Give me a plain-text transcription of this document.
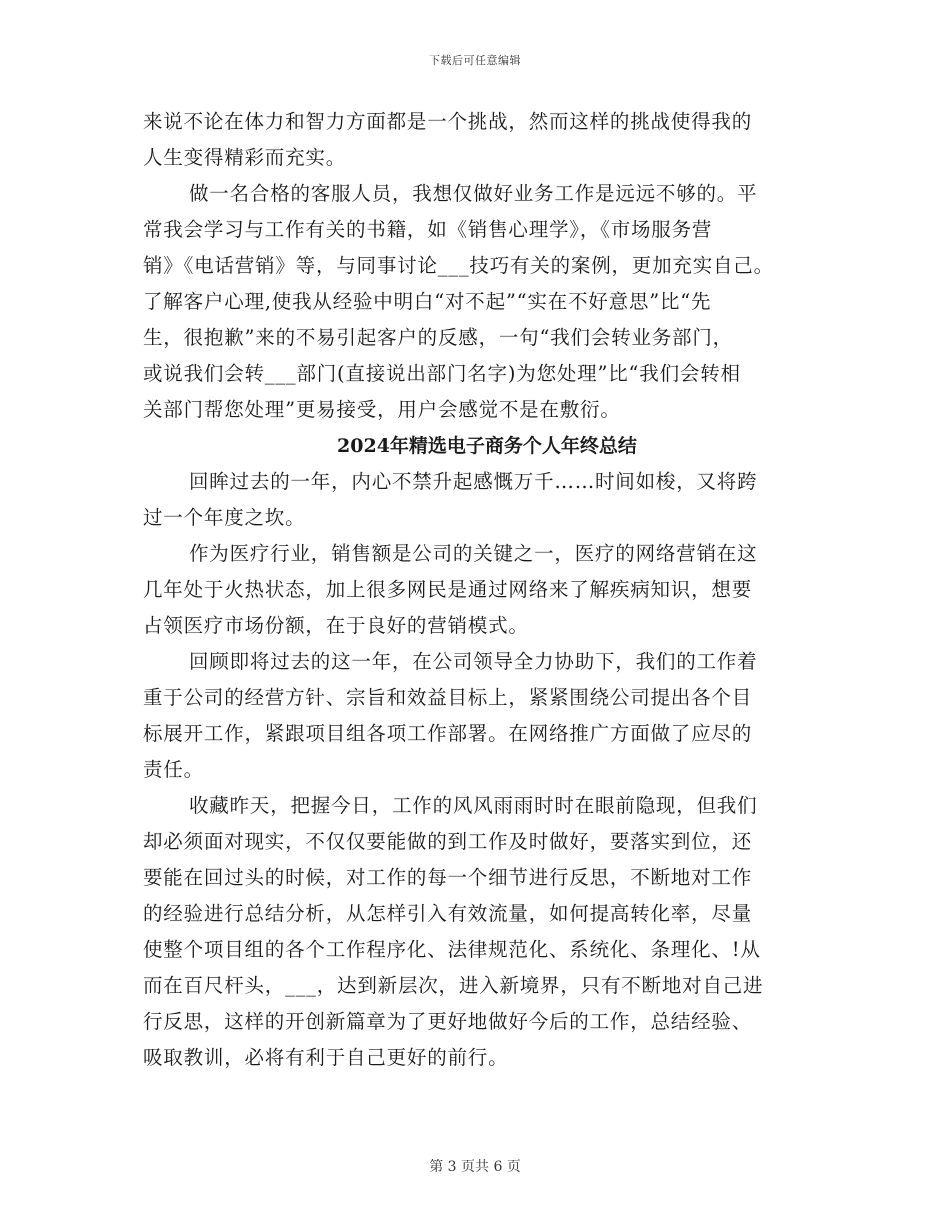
下载后可任意编辑
来说不论在体力和智力方面都是一个挑战，然而这样的挑战使得我的
人生变得精彩而充实。
做一名合格的客服人员，我想仅做好业务工作是远远不够的。平
常我会学习与工作有关的书籍，如《销售心理学》，《市场服务营
销》《电话营销》等，与同事讨论___技巧有关的案例，更加充实自己。
了解客户心理,使我从经验中明白“对不起”“实在不好意思”比“先
生，很抱歉”来的不易引起客户的反感，一句“我们会转业务部门，
或说我们会转___部门(直接说出部门名字)为您处理”比“我们会转相
关部门帮您处理”更易接受，用户会感觉不是在敷衍。
2024年精选电子商务个人年终总结
回眸过去的一年，内心不禁升起感慨万千……时间如梭，又将跨
过一个年度之坎。
作为医疗行业，销售额是公司的关键之一，医疗的网络营销在这
几年处于火热状态，加上很多网民是通过网络来了解疾病知识，想要
占领医疗市场份额，在于良好的营销模式。
回顾即将过去的这一年，在公司领导全力协助下，我们的工作着
重于公司的经营方针、宗旨和效益目标上，紧紧围绕公司提出各个目
标展开工作，紧跟项目组各项工作部署。在网络推广方面做了应尽的
责任。
收藏昨天，把握今日，工作的风风雨雨时时在眼前隐现，但我们
却必须面对现实，不仅仅要能做的到工作及时做好，要落实到位，还
要能在回过头的时候，对工作的每一个细节进行反思，不断地对工作
的经验进行总结分析，从怎样引入有效流量，如何提高转化率，尽量
使整个项目组的各个工作程序化、法律规范化、系统化、条理化、!从
而在百尺杆头，___，达到新层次，进入新境界，只有不断地对自己进
行反思，这样的开创新篇章为了更好地做好今后的工作，总结经验、
吸取教训，必将有利于自己更好的前行。
第 3 页共 6 页
